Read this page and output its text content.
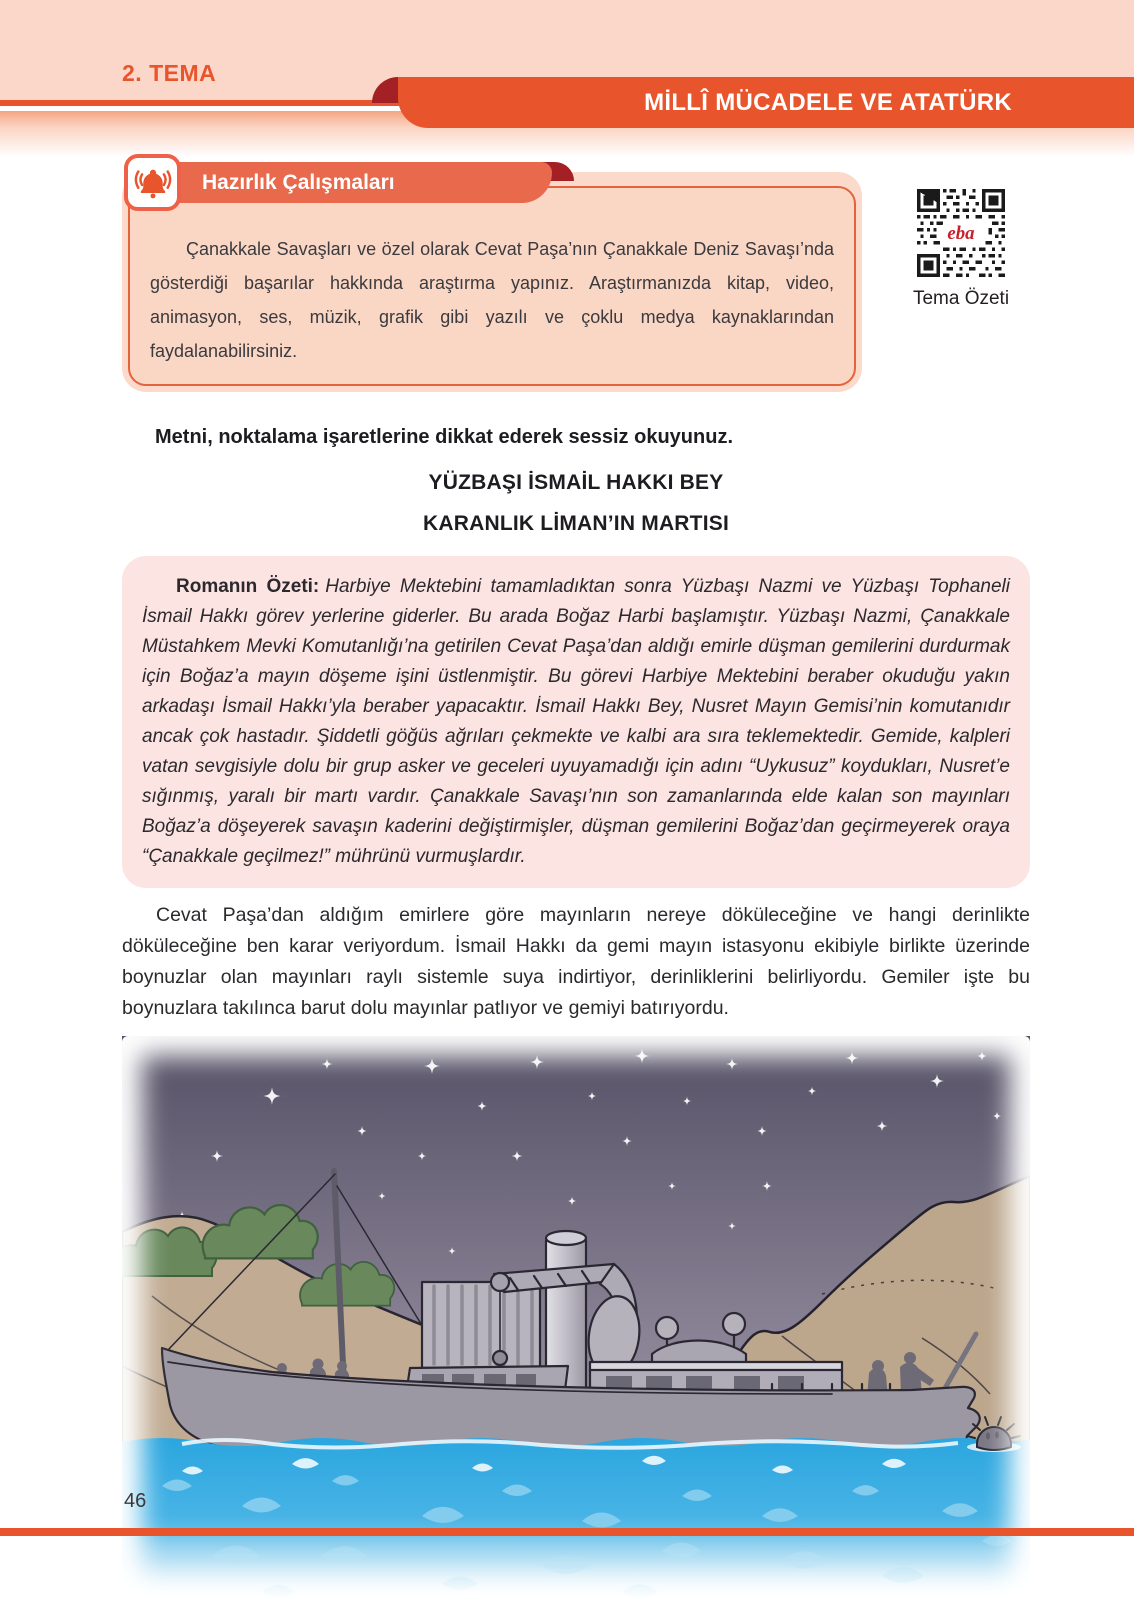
2. TEMA
MİLLÎ MÜCADELE VE ATATÜRK
Hazırlık Çalışmaları

Çanakkale Savaşları ve özel olarak Cevat Paşa’nın Çanakkale Deniz Savaşı’nda gösterdiği başarılar hakkında araştırma yapınız. Araştırmanızda kitap, video, animasyon, ses, müzik, grafik gibi yazılı ve çoklu medya kaynaklarından faydalanabilirsiniz.

eba
Tema Özeti

Metni, noktalama işaretlerine dikkat ederek sessiz okuyunuz.

YÜZBAŞI İSMAİL HAKKI BEY
KARANLIK LİMAN’IN MARTISI

Romanın Özeti: Harbiye Mektebini tamamladıktan sonra Yüzbaşı Nazmi ve Yüzbaşı Tophaneli İsmail Hakkı görev yerlerine giderler. Bu arada Boğaz Harbi başlamıştır. Yüzbaşı Nazmi, Çanakkale Müstahkem Mevki Komutanlığı’na getirilen Cevat Paşa’dan aldığı emirle düşman gemilerini durdurmak için Boğaz’a mayın döşeme işini üstlenmiştir. Bu görevi Harbiye Mektebini beraber okuduğu yakın arkadaşı İsmail Hakkı’yla beraber yapacaktır. İsmail Hakkı Bey, Nusret Mayın Gemisi’nin komutanıdır ancak çok hastadır. Şiddetli göğüs ağrıları çekmekte ve kalbi ara sıra teklemektedir. Gemide, kalpleri vatan sevgisiyle dolu bir grup asker ve geceleri uyuyamadığı için adını “Uykusuz” koydukları, Nusret’e sığınmış, yaralı bir martı vardır. Çanakkale Savaşı’nın son zamanlarında elde kalan son mayınları Boğaz’a döşeyerek savaşın kaderini değiştirmişler, düşman gemilerini Boğaz’dan geçirmeyerek oraya “Çanakkale geçilmez!” mührünü vurmuşlardır.

Cevat Paşa’dan aldığım emirlere göre mayınların nereye döküleceğine ve hangi derinlikte döküleceğine ben karar veriyordum. İsmail Hakkı da gemi mayın istasyonu ekibiyle birlikte üzerinde boynuzlar olan mayınları raylı sistemle suya indirtiyor, derinliklerini belirliyordu. Gemiler işte bu boynuzlara takılınca barut dolu mayınlar patlıyor ve gemiyi batırıyordu.

46
